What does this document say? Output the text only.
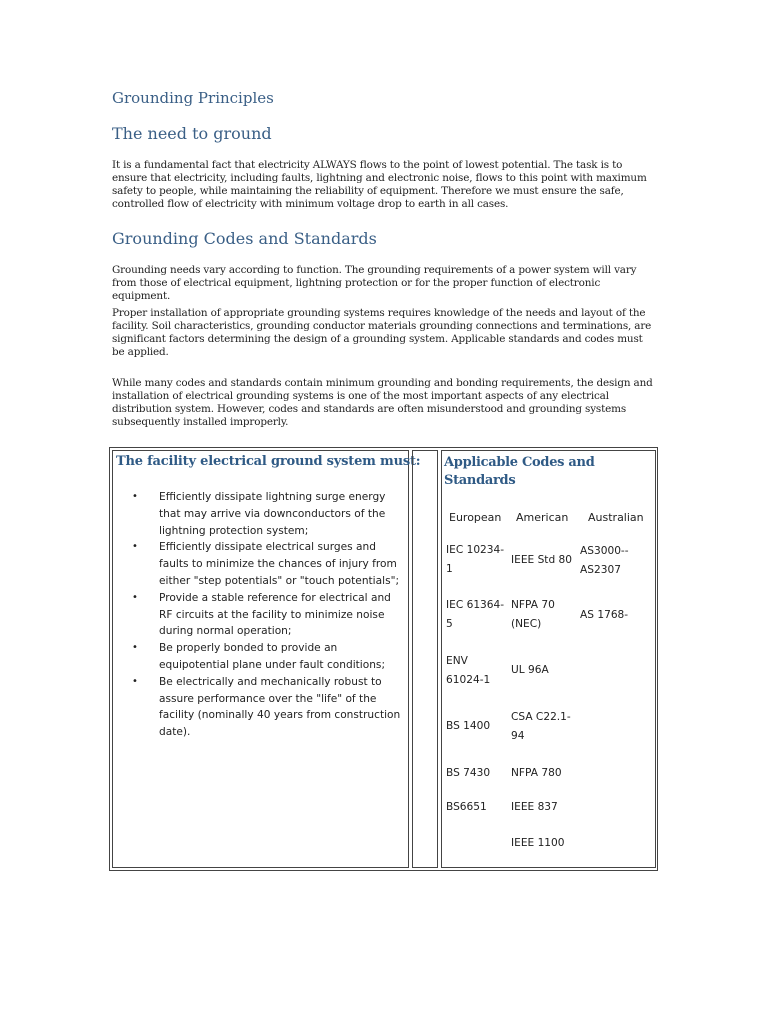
Grounding Principles
The need to ground

It is a fundamental fact that electricity ALWAYS flows to the point of lowest potential. The task is to ensure that electricity, including faults, lightning and electronic noise, flows to this point with maximum safety to people, while maintaining the reliability of equipment. Therefore we must ensure the safe, controlled flow of electricity with minimum voltage drop to earth in all cases.

Grounding Codes and Standards

Grounding needs vary according to function. The grounding requirements of a power system will vary from those of electrical equipment, lightning protection or for the proper function of electronic equipment.

Proper installation of appropriate grounding systems requires knowledge of the needs and layout of the facility. Soil characteristics, grounding conductor materials grounding connections and terminations, are significant factors determining the design of a grounding system. Applicable standards and codes must be applied.

While many codes and standards contain minimum grounding and bonding requirements, the design and installation of electrical grounding systems is one of the most important aspects of any electrical distribution system. However, codes and standards are often misunderstood and grounding systems subsequently installed improperly.

The facility electrical ground system must:
• Efficiently dissipate lightning surge energy that may arrive via downconductors of the lightning protection system;
• Efficiently dissipate electrical surges and faults to minimize the chances of injury from either "step potentials" or "touch potentials";
• Provide a stable reference for electrical and RF circuits at the facility to minimize noise during normal operation;
• Be properly bonded to provide an equipotential plane under fault conditions;
• Be electrically and mechanically robust to assure performance over the "life" of the facility (nominally 40 years from construction date).
Applicable Codes and Standards
European American Australian
IEC 10234-
1
IEC 61364-
5
ENV
61024-1
BS 1400
BS 7430
BS6651
IEEE Std 80
NFPA 70
(NEC)
UL 96A
CSA C22.1-
94
NFPA 780
IEEE 837
IEEE 1100
AS3000--
AS2307
AS 1768-
